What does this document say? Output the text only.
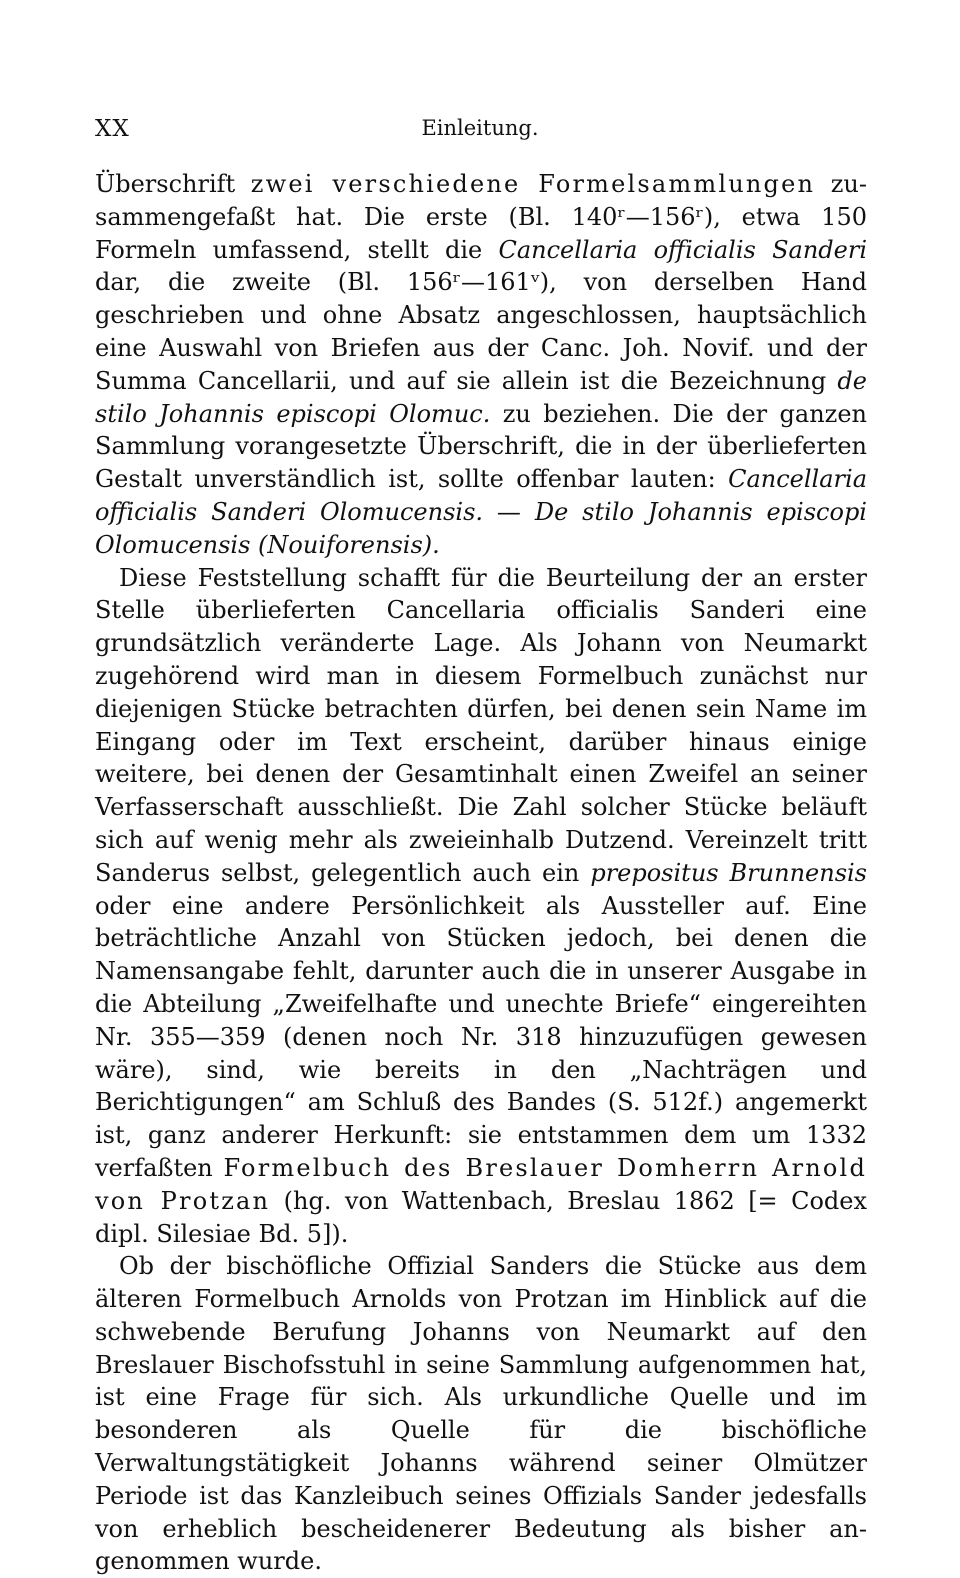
XX	Einleitung.

Überschrift zwei verschiedene Formelsammlungen zusammengefaßt hat. Die erste (Bl. 140ʳ—156ʳ), etwa 150 Formeln umfassend, stellt die Cancellaria officialis Sanderi dar, die zweite (Bl. 156ʳ—161ᵛ), von derselben Hand geschrieben und ohne Absatz angeschlossen, hauptsächlich eine Auswahl von Briefen aus der Canc. Joh. Novif. und der Summa Cancellarii, und auf sie allein ist die Bezeichnung de stilo Johannis episcopi Olomuc. zu beziehen. Die der ganzen Sammlung vorangesetzte Überschrift, die in der überlieferten Gestalt unverständlich ist, sollte offenbar lauten: Cancellaria officialis Sanderi Olomucensis. — De stilo Johannis episcopi Olomucensis (Nouiforensis).

Diese Feststellung schafft für die Beurteilung der an erster Stelle überlieferten Cancellaria officialis Sanderi eine grundsätzlich veränderte Lage. Als Johann von Neumarkt zugehörend wird man in diesem Formelbuch zunächst nur diejenigen Stücke betrachten dürfen, bei denen sein Name im Eingang oder im Text erscheint, darüber hinaus einige weitere, bei denen der Gesamtinhalt einen Zweifel an seiner Verfasserschaft ausschließt. Die Zahl solcher Stücke beläuft sich auf wenig mehr als zweieinhalb Dutzend. Vereinzelt tritt Sanderus selbst, gelegentlich auch ein prepositus Brunnensis oder eine andere Persönlichkeit als Aussteller auf. Eine beträchtliche Anzahl von Stücken jedoch, bei denen die Namensangabe fehlt, darunter auch die in unserer Ausgabe in die Abteilung „Zweifelhafte und unechte Briefe“ eingereihten Nr. 355—359 (denen noch Nr. 318 hinzuzufügen gewesen wäre), sind, wie bereits in den „Nachträgen und Berichtigungen“ am Schluß des Bandes (S. 512f.) angemerkt ist, ganz anderer Herkunft: sie entstammen dem um 1332 verfaßten Formelbuch des Breslauer Domherrn Arnold von Protzan (hg. von Wattenbach, Breslau 1862 [= Codex dipl. Silesiae Bd. 5]).

Ob der bischöfliche Offizial Sanders die Stücke aus dem älteren Formelbuch Arnolds von Protzan im Hinblick auf die schwebende Berufung Johanns von Neumarkt auf den Breslauer Bischofsstuhl in seine Sammlung aufgenommen hat, ist eine Frage für sich. Als urkundliche Quelle und im besonderen als Quelle für die bischöfliche Verwaltungstätigkeit Johanns während seiner Olmützer Periode ist das Kanzleibuch seines Offizials Sander jedesfalls von erheblich bescheidenerer Bedeutung als bisher angenommen wurde.
